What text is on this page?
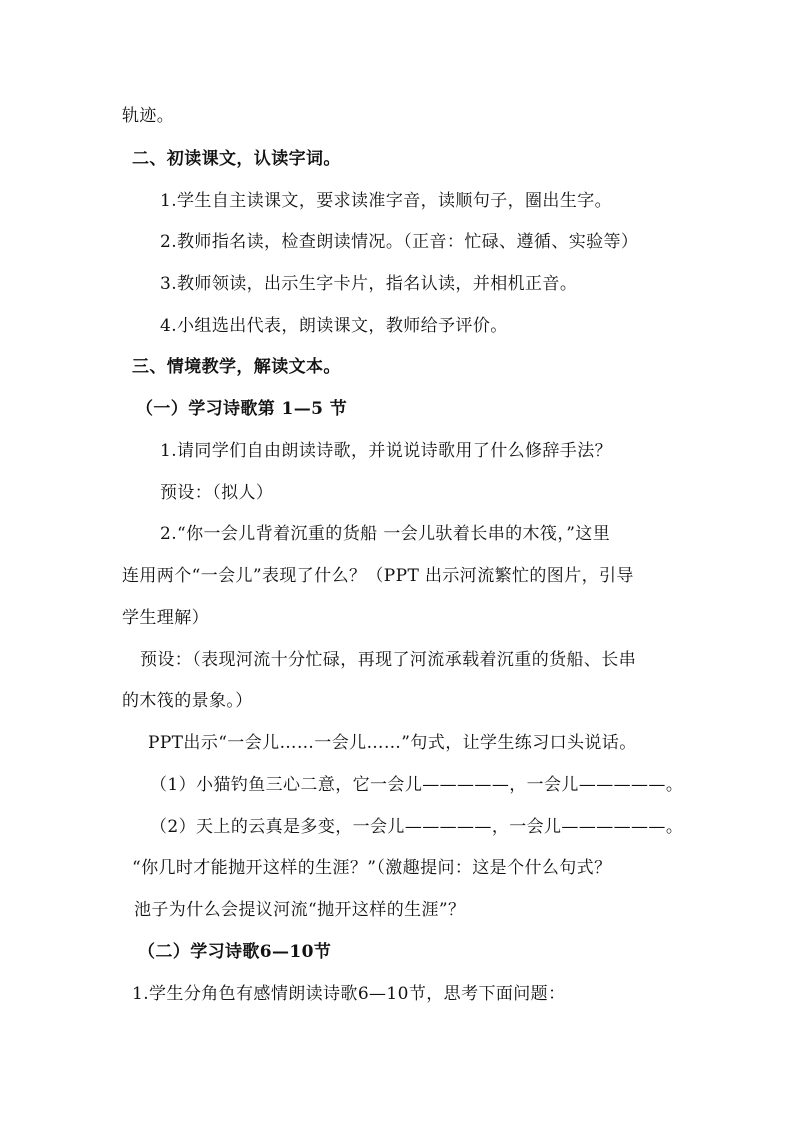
轨迹。
二、初读课文，认读字词。
1.学生自主读课文，要求读准字音，读顺句子，圈出生字。
2.教师指名读，检查朗读情况。（正音：忙碌、遵循、实验等）
3.教师领读，出示生字卡片，指名认读，并相机正音。
4.小组选出代表，朗读课文，教师给予评价。
三、情境教学，解读文本。
（一）学习诗歌第 1—5 节
1.请同学们自由朗读诗歌，并说说诗歌用了什么修辞手法？
预设：（拟人）
2.“你一会儿背着沉重的货船 一会儿驮着长串的木筏，”这里
连用两个“一会儿”表现了什么？（PPT 出示河流繁忙的图片，引导
学生理解）
预设：（表现河流十分忙碌，再现了河流承载着沉重的货船、长串
的木筏的景象。）
PPT出示“一会儿……一会儿……”句式，让学生练习口头说话。
（1）小猫钓鱼三心二意，它一会儿—————，一会儿—————。
（2）天上的云真是多变，一会儿—————，一会儿——————。
“你几时才能抛开这样的生涯？”（激趣提问：这是个什么句式？
池子为什么会提议河流“抛开这样的生涯”？
（二）学习诗歌6—10节
1.学生分角色有感情朗读诗歌6—10节，思考下面问题：
